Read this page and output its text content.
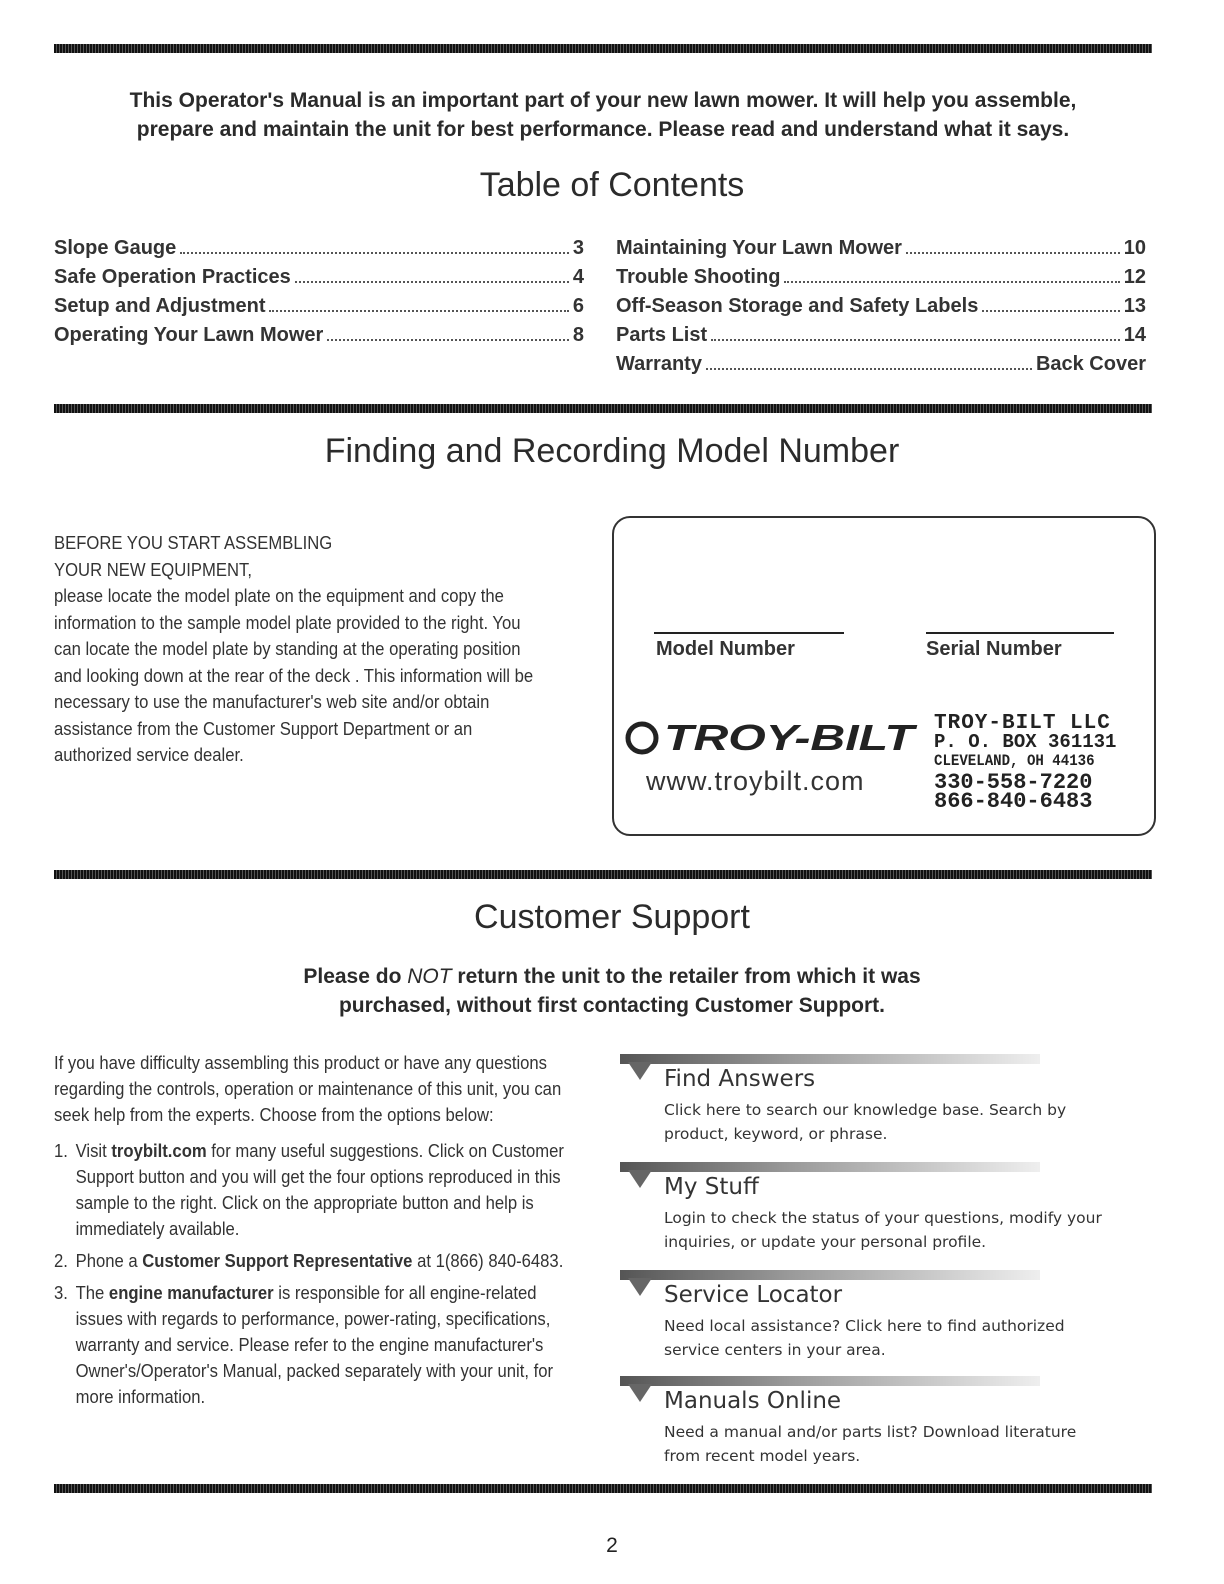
This Operator's Manual is an important part of your new lawn mower. It will help you assemble,
prepare and maintain the unit for best performance. Please read and understand what it says.
Table of Contents
Slope Gauge	3
Safe Operation Practices	4
Setup and Adjustment	6
Operating Your Lawn Mower	8
Maintaining Your Lawn Mower	10
Trouble Shooting	12
Off-Season Storage and Safety Labels	13
Parts List	14
Warranty	Back Cover
Finding and Recording Model Number

BEFORE YOU START ASSEMBLING

YOUR NEW EQUIPMENT,

please locate the model plate on the equipment and copy the information to the sample model plate provided to the right. You can locate the model plate by standing at the operating position and looking down at the rear of the deck . This information will be necessary to use the manufacturer's web site and/or obtain assistance from the Customer Support Department or an authorized service dealer.

Model Number	Serial Number
TROY-BILT
www.troybilt.com
TROY-BILT LLC
P. O. BOX 361131
CLEVELAND, OH 44136
330-558-7220
866-840-6483
Customer Support
Please do NOT return the unit to the retailer from which it was
purchased, without first contacting Customer Support.

If you have difficulty assembling this product or have any questions regarding the controls, operation or maintenance of this unit, you can seek help from the experts. Choose from the options below:

1. Visit troybilt.com for many useful suggestions. Click on Customer Support button and you will get the four options reproduced in this sample to the right. Click on the appropriate button and help is immediately available.
2. Phone a Customer Support Representative at 1(866) 840-6483.
3. The engine manufacturer is responsible for all engine-related issues with regards to performance, power-rating, specifications, warranty and service. Please refer to the engine manufacturer's Owner's/Operator's Manual, packed separately with your unit, for more information.
Find Answers
Click here to search our knowledge base. Search by product, keyword, or phrase.
My Stuff
Login to check the status of your questions, modify your inquiries, or update your personal profile.
Service Locator
Need local assistance? Click here to find authorized service centers in your area.
Manuals Online
Need a manual and/or parts list? Download literature from recent model years.
2
